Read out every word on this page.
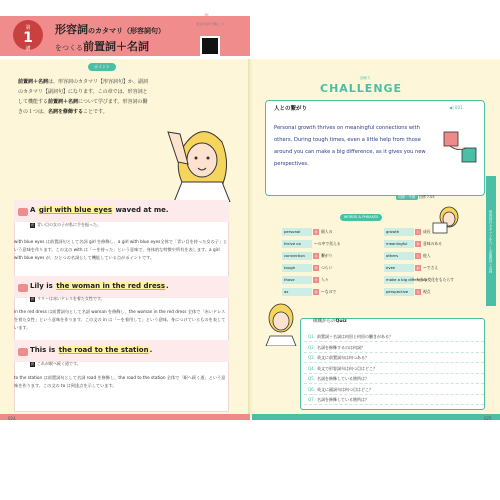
第
1
講
形容詞のカタマリ（形容詞句）
をつくる前置詞＋名詞
≋
英文を音声で聴こう！
ポイント
前置詞＋名詞は、形容詞のカタマリ【形容詞句】か、副詞のカタマリ【副詞句】になります。この章では、形容詞として機能する前置詞＋名詞について学びます。形容詞の働きの１つは、名詞を修飾することです。
A girl with blue eyes waved at me.
訳 青い目の女の子が私に手を振った。
with blue eyes は前置詞句として名詞 girl を修飾し、a girl with blue eyes全体で「青い目を持った女の子」という意味を作ります。この文の with は「〜を持った」という意味で、身体的な特徴や所有を表します。a girl with blue eyes が、ひとつの名詞として機能している点がポイントです。
Lily is the woman in the red dress.
訳 リリーは赤いドレスを着た女性です。
in the red dress は前置詞句として名詞 woman を修飾し、the woman in the red dress 全体で「赤いドレスを着た女性」という意味を作ります。この文の in は「〜を着用して」という意味。身につけているものを表しています。
This is the road to the station.
訳 これが駅へ続く道です。
to the station は前置詞句として名詞 road を修飾し、the road to the station 全体で「駅へ続く道」という意味を作ります。この文の to は到達点を示しています。
読解力
CHALLENGE
人との繋がり	◀) 001
Personal growth thrives on meaningful connections with others. During tough times, even a little help from those around you can make a big difference, as it gives you new perspectives.
初級・中級 目標 7.03
WORDS & PHRASES
personal	形 個人の	growth	名 成長
thrive on	〜の中で栄える	meaningful	形 意味のある
connection	名 繋がり	others	名 他人
tough	形 つらい	even	副 〜でさえ
those	代 人々	make a big difference大きな変化をもたらす
as	接 〜なので	perspective	名 視点
組織からのQuiz
Q1. 前置詞＋名詞は何回と何回の働きがある？
Q2. 名詞を修飾するのは何詞？
Q3. 英文に前置詞句は何つある？
Q4. 英文で形容詞句は何つ目はどこ？
Q5. 名詞を修飾している箇所は？
Q6. 英文に副詞句は何つ目はどこ？
Q7. 名詞を修飾している箇所は？
形容詞のカタマリをつくる前置詞＋名詞
024	025
